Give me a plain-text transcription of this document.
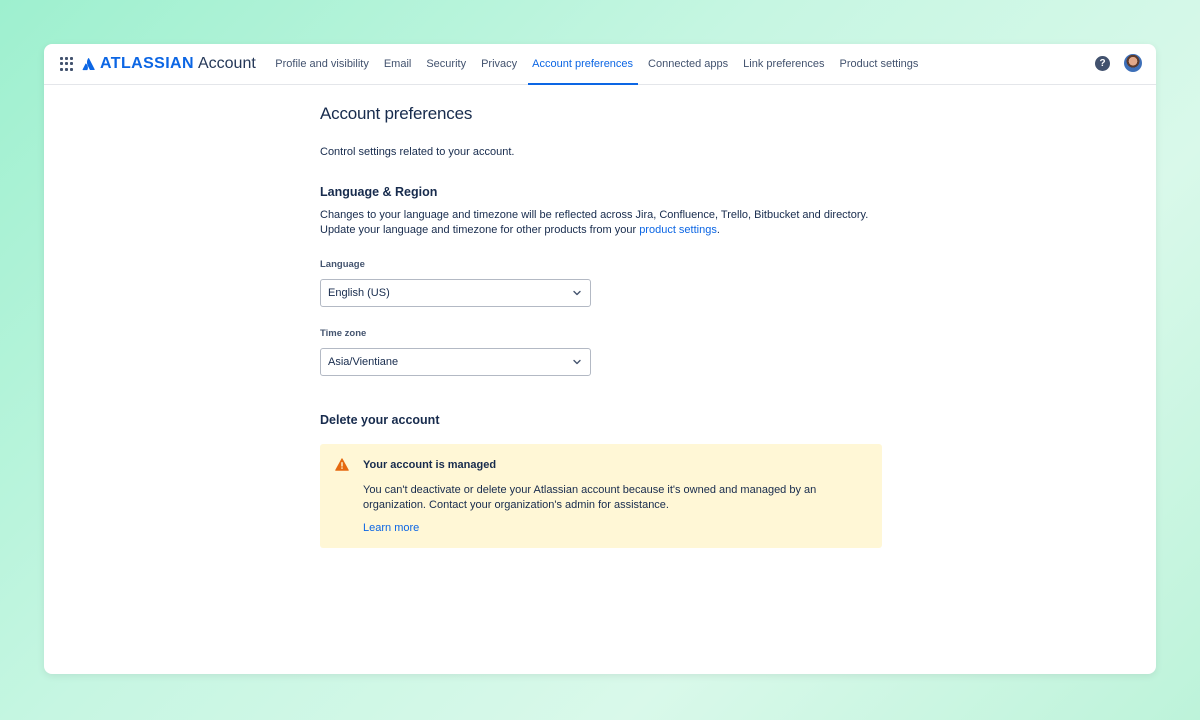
ATLASSIAN Account	Profile and visibility	Email	Security	Privacy	Account preferences	Connected apps	Link preferences	Product settings	?
Account preferences
Control settings related to your account.
Language & Region
Changes to your language and timezone will be reflected across Jira, Confluence, Trello, Bitbucket and directory.
Update your language and timezone for other products from your product settings.
Language
English (US)
Time zone
Asia/Vientiane
Delete your account
Your account is managed
You can't deactivate or delete your Atlassian account because it's owned and managed by an organization. Contact your organization's admin for assistance.
Learn more
